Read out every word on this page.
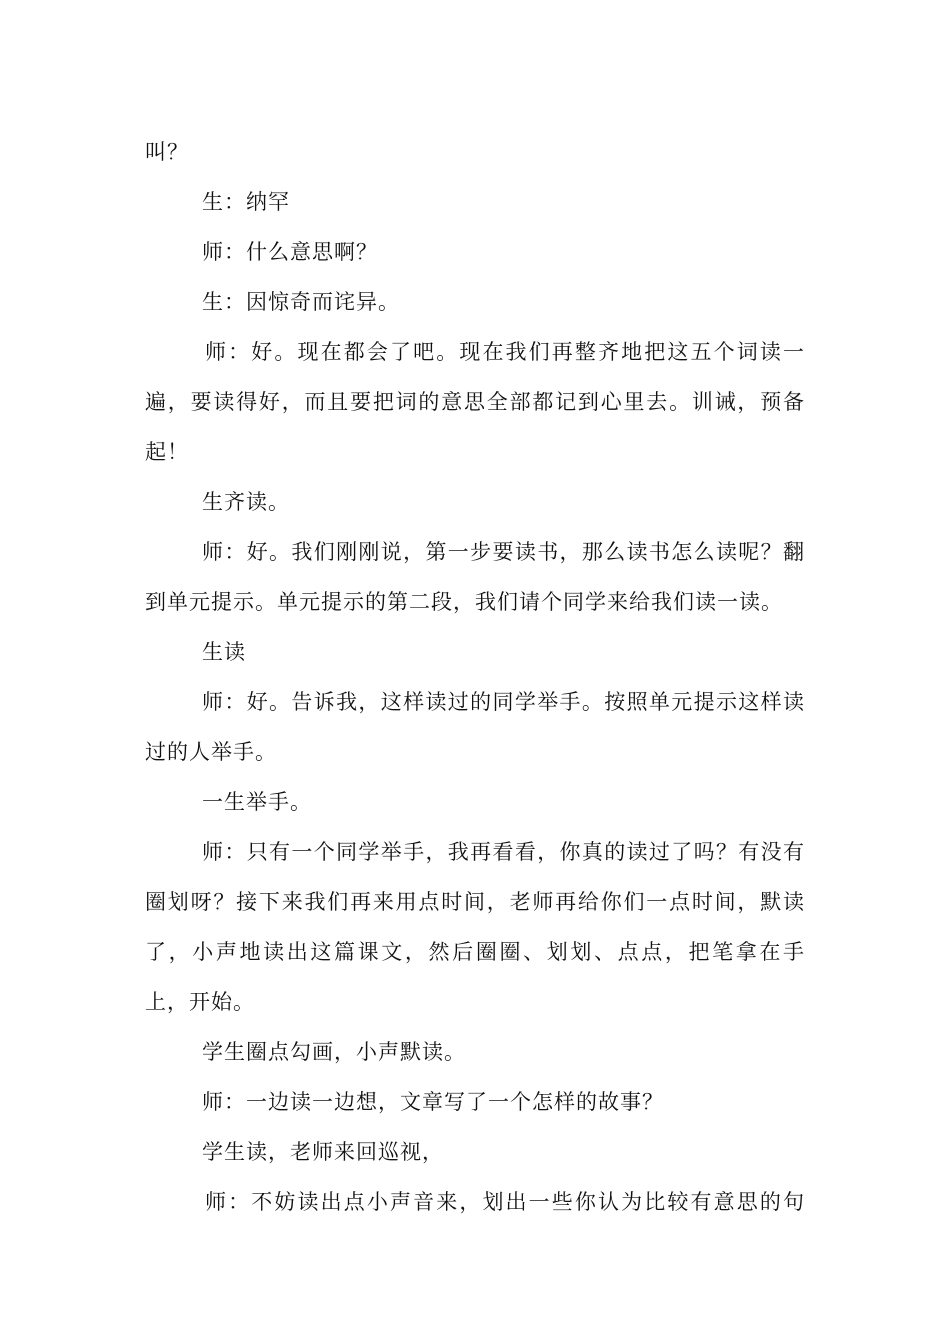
叫？
生：纳罕
师：什么意思啊？
生：因惊奇而诧异。
师：好。现在都会了吧。现在我们再整齐地把这五个词读一
遍，要读得好，而且要把词的意思全部都记到心里去。训诫，预备
起！
生齐读。
师：好。我们刚刚说，第一步要读书，那么读书怎么读呢？翻
到单元提示。单元提示的第二段，我们请个同学来给我们读一读。
生读
师：好。告诉我，这样读过的同学举手。按照单元提示这样读
过的人举手。
一生举手。
师：只有一个同学举手，我再看看，你真的读过了吗？有没有
圈划呀？接下来我们再来用点时间，老师再给你们一点时间，默读
了，小声地读出这篇课文，然后圈圈、划划、点点，把笔拿在手
上，开始。
学生圈点勾画，小声默读。
师：一边读一边想，文章写了一个怎样的故事？
学生读，老师来回巡视，
师：不妨读出点小声音来，划出一些你认为比较有意思的句
